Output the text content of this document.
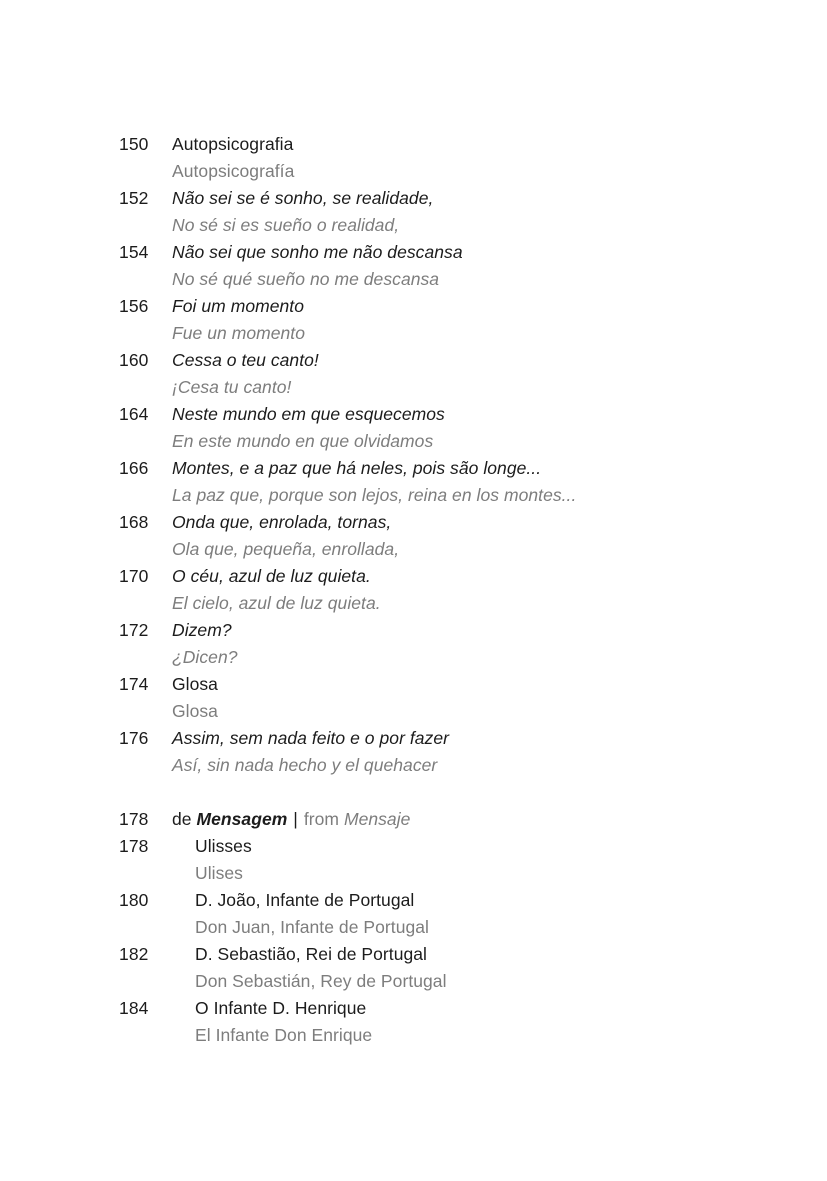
150	Autopsicografia

Autopsicografía
152	Não sei se é sonho, se realidade,

No sé si es sueño o realidad,
154	Não sei que sonho me não descansa

No sé qué sueño no me descansa
156	Foi um momento

Fue un momento
160	Cessa o teu canto!

¡Cesa tu canto!
164	Neste mundo em que esquecemos

En este mundo en que olvidamos
166	Montes, e a paz que há neles, pois são longe...

La paz que, porque son lejos, reina en los montes...
168	Onda que, enrolada, tornas,

Ola que, pequeña, enrollada,
170	O céu, azul de luz quieta.

El cielo, azul de luz quieta.
172	Dizem?

¿Dicen?
174	Glosa

Glosa
176	Assim, sem nada feito e o por fazer

Así, sin nada hecho y el quehacer
178	de Mensagem | from Mensaje
178	Ulisses

Ulises
180	D. João, Infante de Portugal

Don Juan, Infante de Portugal
182	D. Sebastião, Rei de Portugal

Don Sebastián, Rey de Portugal
184	O Infante D. Henrique

El Infante Don Enrique
